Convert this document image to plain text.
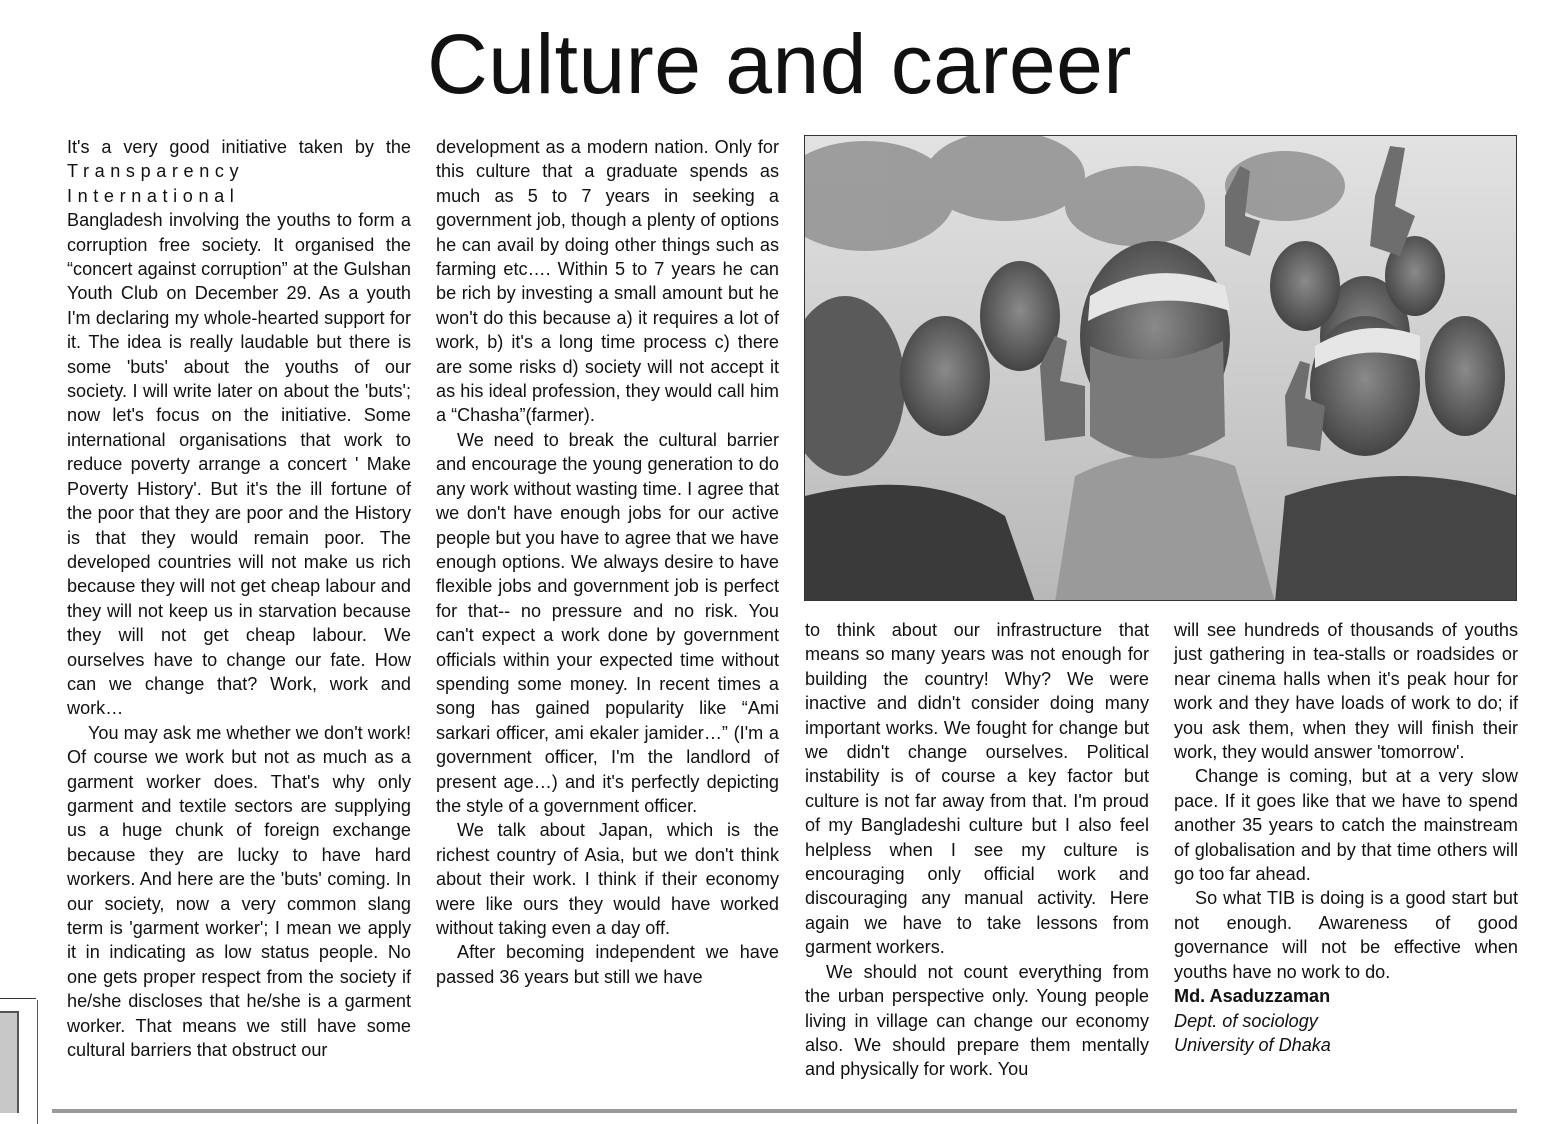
Culture and career

It's a very good initiative taken by the

Transparency International

Bangladesh involving the youths to form a corruption free society. It organised the “concert against corruption” at the Gulshan Youth Club on December 29. As a youth I'm declaring my whole-hearted support for it. The idea is really laudable but there is some 'buts' about the youths of our society. I will write later on about the 'buts'; now let's focus on the initiative. Some international organisations that work to reduce poverty arrange a concert ' Make Poverty History'. But it's the ill fortune of the poor that they are poor and the History is that they would remain poor. The developed countries will not make us rich because they will not get cheap labour and they will not keep us in starvation because they will not get cheap labour. We ourselves have to change our fate. How can we change that? Work, work and work…

You may ask me whether we don't work! Of course we work but not as much as a garment worker does. That's why only garment and textile sectors are supplying us a huge chunk of foreign exchange because they are lucky to have hard workers. And here are the 'buts' coming. In our society, now a very common slang term is 'garment worker'; I mean we apply it in indicating as low status people. No one gets proper respect from the society if he/she discloses that he/she is a garment worker. That means we still have some cultural barriers that obstruct our

development as a modern nation. Only for this culture that a graduate spends as much as 5 to 7 years in seeking a government job, though a plenty of options he can avail by doing other things such as farming etc…. Within 5 to 7 years he can be rich by investing a small amount but he won't do this because a) it requires a lot of work, b) it's a long time process c) there are some risks d) society will not accept it as his ideal profession, they would call him a “Chasha”(farmer).

We need to break the cultural barrier and encourage the young generation to do any work without wasting time. I agree that we don't have enough jobs for our active people but you have to agree that we have enough options. We always desire to have flexible jobs and government job is perfect for that-- no pressure and no risk. You can't expect a work done by government officials within your expected time without spending some money. In recent times a song has gained popularity like “Ami sarkari officer, ami ekaler jamider…” (I'm a government officer, I'm the landlord of present age…) and it's perfectly depicting the style of a government officer.

We talk about Japan, which is the richest country of Asia, but we don't think about their work. I think if their economy were like ours they would have worked without taking even a day off.

After becoming independent we have passed 36 years but still we have

to think about our infrastructure that means so many years was not enough for building the country! Why? We were inactive and didn't consider doing many important works. We fought for change but we didn't change ourselves. Political instability is of course a key factor but culture is not far away from that. I'm proud of my Bangladeshi culture but I also feel helpless when I see my culture is encouraging only official work and discouraging any manual activity. Here again we have to take lessons from garment workers.

We should not count everything from the urban perspective only. Young people living in village can change our economy also. We should prepare them mentally and physically for work. You

will see hundreds of thousands of youths just gathering in tea-stalls or roadsides or near cinema halls when it's peak hour for work and they have loads of work to do; if you ask them, when they will finish their work, they would answer 'tomorrow'.

Change is coming, but at a very slow pace. If it goes like that we have to spend another 35 years to catch the mainstream of globalisation and by that time others will go too far ahead.

So what TIB is doing is a good start but not enough. Awareness of good governance will not be effective when youths have no work to do.

Md. Asaduzzaman

Dept. of sociology

University of Dhaka
